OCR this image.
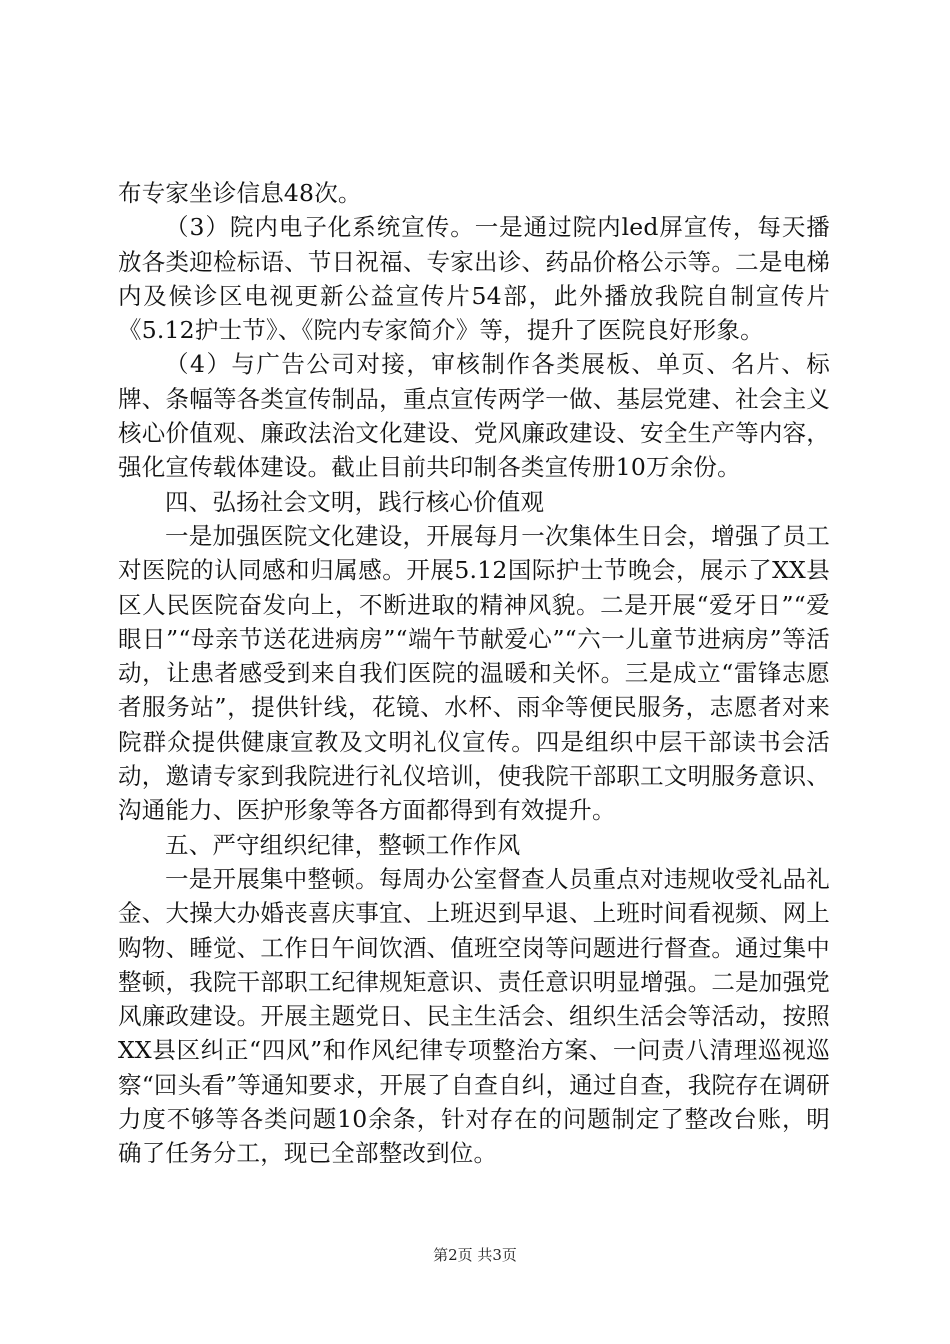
布专家坐诊信息48次。

（3）院内电子化系统宣传。一是通过院内led屏宣传，每天播放各类迎检标语、节日祝福、专家出诊、药品价格公示等。二是电梯内及候诊区电视更新公益宣传片54部，此外播放我院自制宣传片《5.12护士节》、《院内专家简介》等，提升了医院良好形象。

（4）与广告公司对接，审核制作各类展板、单页、名片、标牌、条幅等各类宣传制品，重点宣传两学一做、基层党建、社会主义核心价值观、廉政法治文化建设、党风廉政建设、安全生产等内容，强化宣传载体建设。截止目前共印制各类宣传册10万余份。

四、弘扬社会文明，践行核心价值观

一是加强医院文化建设，开展每月一次集体生日会，增强了员工对医院的认同感和归属感。开展5.12国际护士节晚会，展示了XX县区人民医院奋发向上，不断进取的精神风貌。二是开展“爱牙日”“爱眼日”“母亲节送花进病房”“端午节献爱心”“六一儿童节进病房”等活动，让患者感受到来自我们医院的温暖和关怀。三是成立“雷锋志愿者服务站”，提供针线，花镜、水杯、雨伞等便民服务，志愿者对来院群众提供健康宣教及文明礼仪宣传。四是组织中层干部读书会活动，邀请专家到我院进行礼仪培训，使我院干部职工文明服务意识、沟通能力、医护形象等各方面都得到有效提升。

五、严守组织纪律，整顿工作作风

一是开展集中整顿。每周办公室督查人员重点对违规收受礼品礼金、大操大办婚丧喜庆事宜、上班迟到早退、上班时间看视频、网上购物、睡觉、工作日午间饮酒、值班空岗等问题进行督查。通过集中整顿，我院干部职工纪律规矩意识、责任意识明显增强。二是加强党风廉政建设。开展主题党日、民主生活会、组织生活会等活动，按照XX县区纠正“四风”和作风纪律专项整治方案、一问责八清理巡视巡察“回头看”等通知要求，开展了自查自纠，通过自查，我院存在调研力度不够等各类问题10余条，针对存在的问题制定了整改台账，明确了任务分工，现已全部整改到位。

第2页 共3页
